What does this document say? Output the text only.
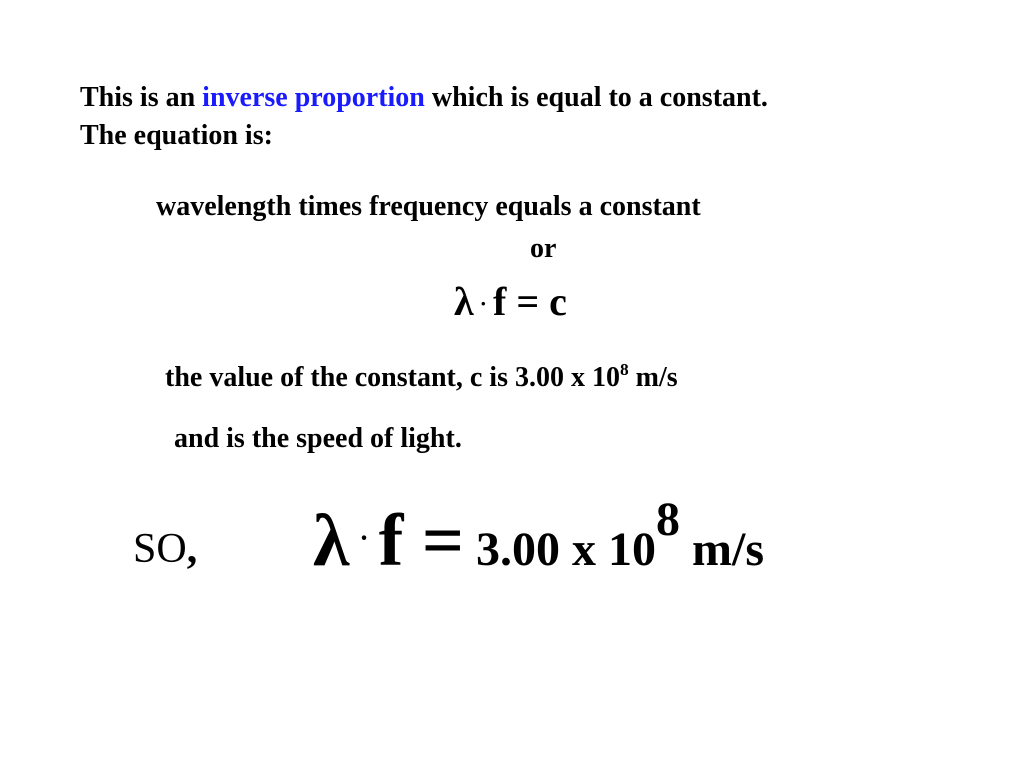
This is an inverse proportion which is equal to a constant.
The equation is:
wavelength times frequency equals a constant
or
λ · f = c
the value of the constant, c is 3.00 x $10^8$ m/s
and is the speed of light.
SO, λ · f = 3.00 x 108 m/s
